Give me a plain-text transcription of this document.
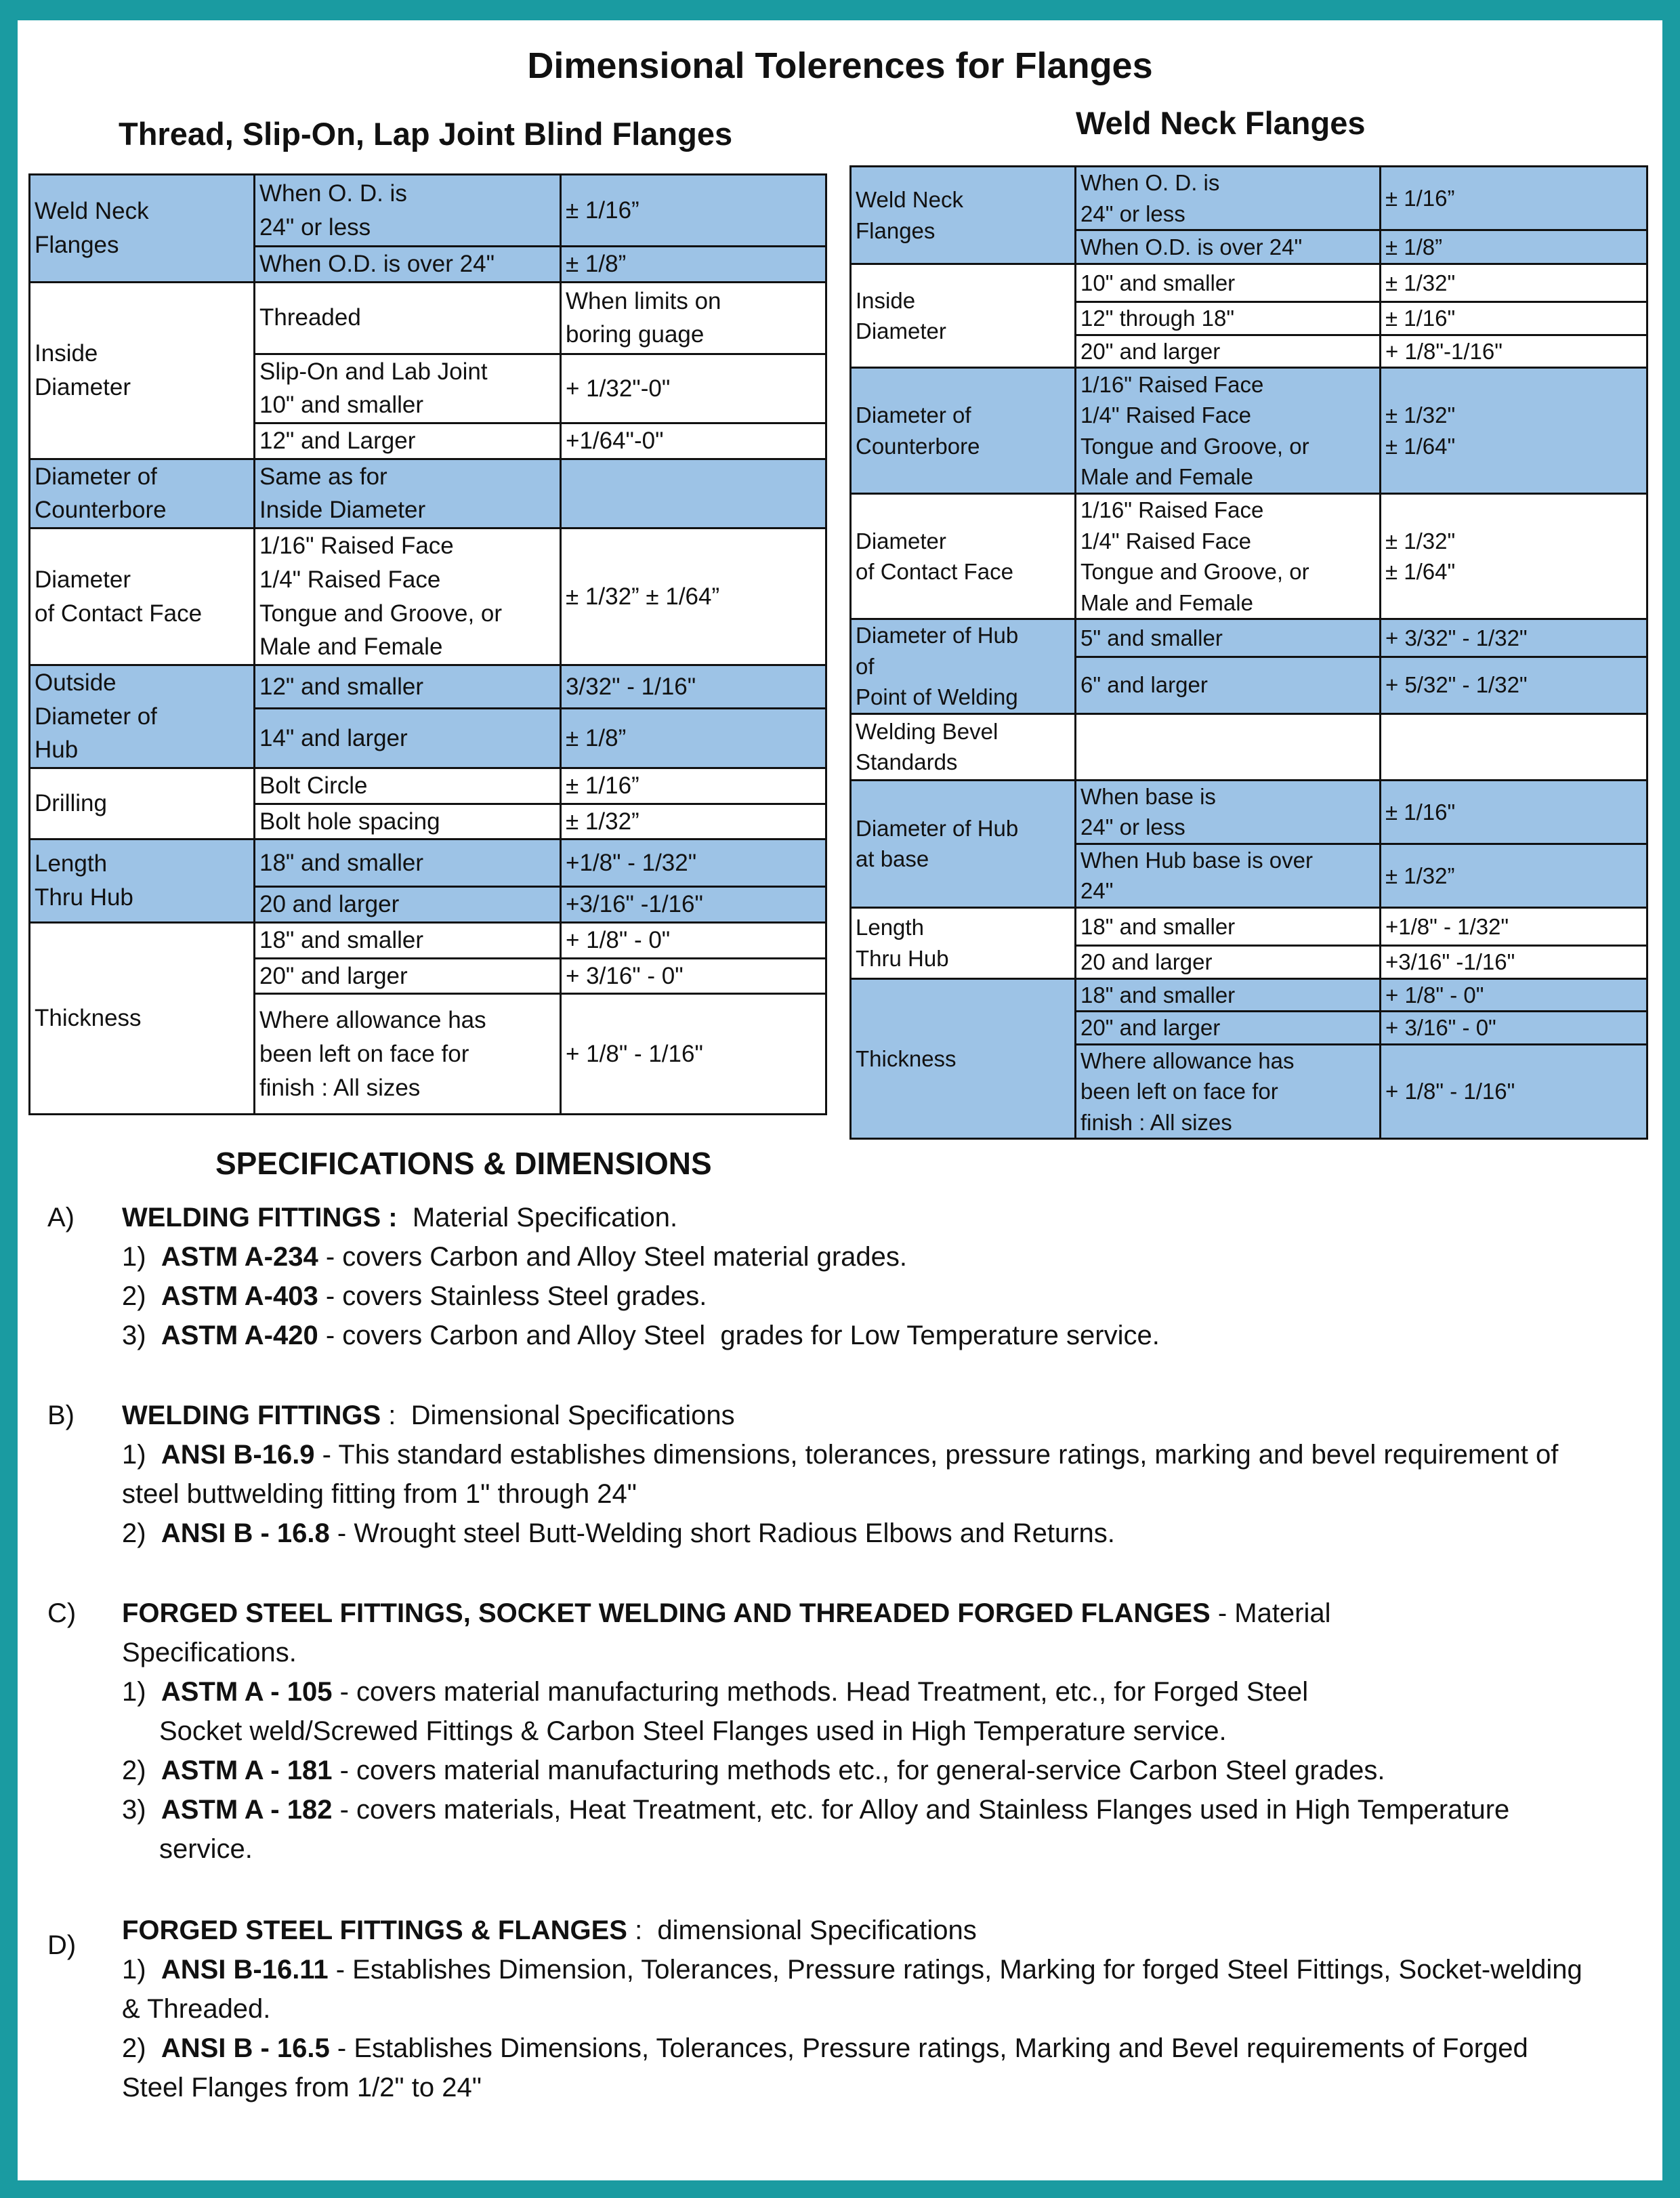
Dimensional Tolerences for Flanges
Thread, Slip-On, Lap Joint Blind Flanges	Weld Neck Flanges
Weld Neck
Flanges	When O. D. is
24" or less	± 1/16”

	When O.D. is over 24"	± 1/8”

Inside
Diameter	Threaded	When limits on
boring guage

	Slip-On and Lab Joint
10" and smaller	+ 1/32"-0"

	12" and Larger	+1/64"-0"

Diameter of
Counterbore	Same as for
Inside Diameter	

Diameter
of Contact Face	1/16" Raised Face
1/4" Raised Face
Tongue and Groove, or
Male and Female	± 1/32” ± 1/64”

Outside
Diameter of
Hub	12" and smaller	3/32" - 1/16"

	14" and larger	± 1/8”

Drilling	Bolt Circle	± 1/16”

	Bolt hole spacing	± 1/32”

Length
Thru Hub	18" and smaller	+1/8" - 1/32"

	20 and larger	+3/16" -1/16"

Thickness	18" and smaller	+ 1/8" - 0"

	20" and larger	+ 3/16" - 0"

	Where allowance has
been left on face for
finish : All sizes	+ 1/8" - 1/16"
Weld Neck
Flanges	When O. D. is
24" or less	± 1/16”

	When O.D. is over 24"	± 1/8”

Inside
Diameter	10" and smaller	± 1/32"

	12" through 18"	± 1/16"

	20" and larger	+ 1/8"-1/16"

Diameter of
Counterbore	1/16" Raised Face
1/4" Raised Face
Tongue and Groove, or
Male and Female	± 1/32"
± 1/64"

Diameter
of Contact Face	1/16" Raised Face
1/4" Raised Face
Tongue and Groove, or
Male and Female	± 1/32"
± 1/64"

Diameter of Hub
of
Point of Welding	5" and smaller	+ 3/32" - 1/32"

	6" and larger	+ 5/32" - 1/32"

Welding Bevel
Standards		

Diameter of Hub
at base	When base is
24" or less	± 1/16"

	When Hub base is over
24"	± 1/32”

Length
Thru Hub	18" and smaller	+1/8" - 1/32"

	20 and larger	+3/16" -1/16"

Thickness	18" and smaller	+ 1/8" - 0"

	20" and larger	+ 3/16" - 0"

	Where allowance has
been left on face for
finish : All sizes	+ 1/8" - 1/16"
SPECIFICATIONS & DIMENSIONS
A) WELDING FITTINGS :  Material Specification.
1) ASTM A-234 - covers Carbon and Alloy Steel material grades.
2) ASTM A-403 - covers Stainless Steel grades.
3) ASTM A-420 - covers Carbon and Alloy Steel  grades for Low Temperature service.
B) WELDING FITTINGS :  Dimensional Specifications
1) ANSI B-16.9 - This standard establishes dimensions, tolerances, pressure ratings, marking and bevel requirement of steel buttwelding fitting from 1" through 24"
2) ANSI B - 16.8 - Wrought steel Butt-Welding short Radious Elbows and Returns.
C) FORGED STEEL FITTINGS, SOCKET WELDING AND THREADED FORGED FLANGES - Material Specifications.
1) ASTM A - 105 - covers material manufacturing methods. Head Treatment, etc., for Forged Steel
Socket weld/Screwed Fittings & Carbon Steel Flanges used in High Temperature service.
2) ASTM A - 181 - covers material manufacturing methods etc., for general-service Carbon Steel grades.
3) ASTM A - 182 - covers materials, Heat Treatment, etc. for Alloy and Stainless Flanges used in High Temperature
service.
D) FORGED STEEL FITTINGS & FLANGES :  dimensional Specifications
1) ANSI B-16.11 - Establishes Dimension, Tolerances, Pressure ratings, Marking for forged Steel Fittings, Socket-welding & Threaded.
2) ANSI B - 16.5 - Establishes Dimensions, Tolerances, Pressure ratings, Marking and Bevel requirements of Forged Steel Flanges from 1/2" to 24"
